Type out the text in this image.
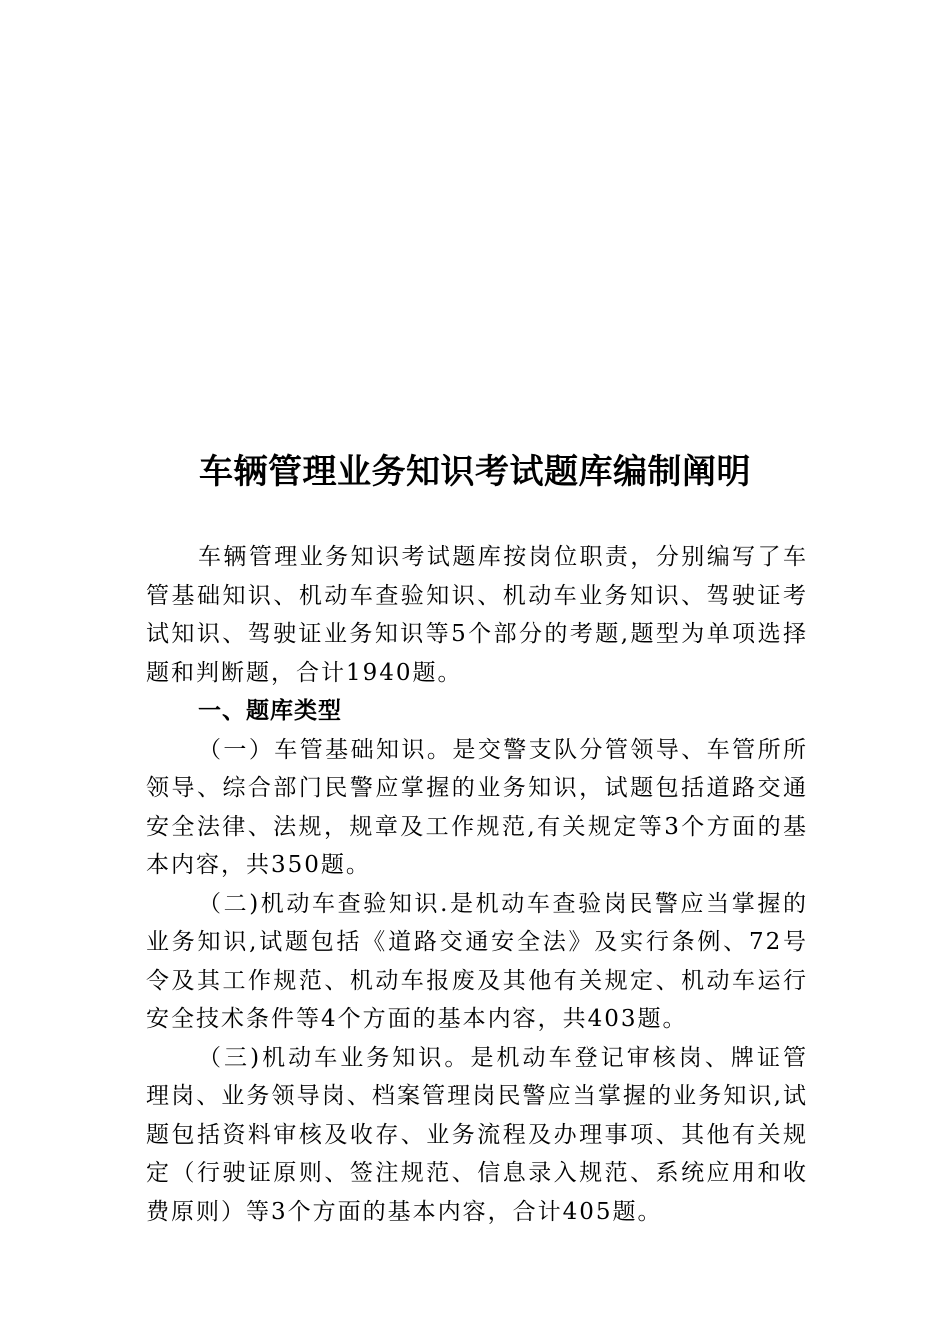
车辆管理业务知识考试题库编制阐明

车辆管理业务知识考试题库按岗位职责，分别编写了车管基础知识、机动车查验知识、机动车业务知识、驾驶证考试知识、驾驶证业务知识等5个部分的考题,题型为单项选择题和判断题，合计1940题。

一、题库类型

（一）车管基础知识。是交警支队分管领导、车管所所领导、综合部门民警应掌握的业务知识，试题包括道路交通安全法律、法规，规章及工作规范,有关规定等3个方面的基本内容，共350题。

（二)机动车查验知识.是机动车查验岗民警应当掌握的业务知识,试题包括《道路交通安全法》及实行条例、72号令及其工作规范、机动车报废及其他有关规定、机动车运行安全技术条件等4个方面的基本内容，共403题。

（三)机动车业务知识。是机动车登记审核岗、牌证管理岗、业务领导岗、档案管理岗民警应当掌握的业务知识,试题包括资料审核及收存、业务流程及办理事项、其他有关规定（行驶证原则、签注规范、信息录入规范、系统应用和收费原则）等3个方面的基本内容，合计405题。
